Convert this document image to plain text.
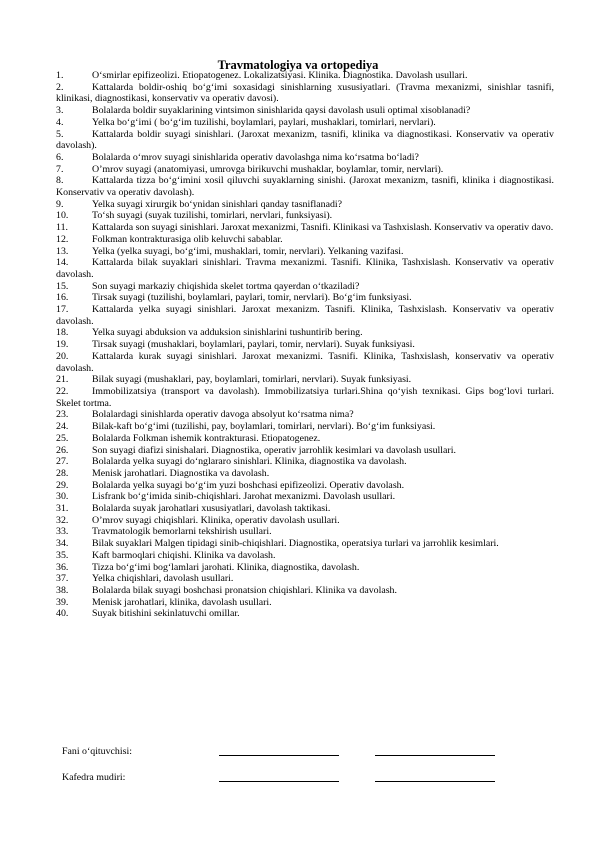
Travmatologiya va ortopediya
1.	O‘smirlar epifizeolizi. Etiopatogenez. Lokalizatsiyasi. Klinika. Diagnostika. Davolash usullari.
2.	Kattalarda boldir-oshiq bo‘g‘imi soxasidagi sinishlarning xususiyatlari. (Travma mexanizmi, sinishlar tasnifi, klinikasi, diagnostikasi, konservativ va operativ davosi).
3.	Bolalarda boldir suyaklarining vintsimon sinishlarida qaysi davolash usuli optimal xisoblanadi?
4.	Yelka bo‘g‘imi ( bo‘g‘im tuzilishi, boylamlari, paylari, mushaklari, tomirlari, nervlari).
5.	Kattalarda boldir suyagi sinishlari. (Jaroxat mexanizm, tasnifi, klinika va diagnostikasi. Konservativ va operativ davolash).
6.	Bolalarda o‘mrov suyagi sinishlarida operativ davolashga nima ko‘rsatma bo‘ladi?
7.	O’mrov suyagi (anatomiyasi, umrovga birikuvchi mushaklar, boylamlar, tomir, nervlari).
8.	Kattalarda tizza bo‘g‘imini xosil qiluvchi suyaklarning sinishi. (Jaroxat mexanizm, tasnifi, klinika i diagnostikasi. Konservativ va operativ davolash).
9.	Yelka suyagi xirurgik bo‘ynidan sinishlari qanday tasniflanadi?
10. To‘sh suyagi (suyak tuzilishi, tomirlari, nervlari, funksiyasi).
11. Kattalarda son suyagi sinishlari. Jaroxat mexanizmi, Tasnifi. Klinikasi va Tashxislash. Konservativ va operativ davo.
12. Folkman kontrakturasiga olib keluvchi sabablar.
13. Yelka (yelka suyagi, bo‘g‘imi, mushaklari, tomir, nervlari). Yelkaning vazifasi.
14. Kattalarda bilak suyaklari sinishlari. Travma mexanizmi. Tasnifi. Klinika, Tashxislash. Konservativ va operativ davolash.
15. Son suyagi markaziy chiqishida skelet tortma qayerdan o‘tkaziladi?
16. Tirsak suyagi (tuzilishi, boylamlari, paylari, tomir, nervlari). Bo‘g‘im funksiyasi.
17. Kattalarda yelka suyagi sinishlari. Jaroxat mexanizm. Tasnifi. Klinika, Tashxislash. Konservativ va operativ davolash.
18. Yelka suyagi abduksion va adduksion sinishlarini tushuntirib bering.
19. Tirsak suyagi (mushaklari, boylamlari, paylari, tomir, nervlari). Suyak funksiyasi.
20. Kattalarda kurak suyagi sinishlari. Jaroxat mexanizmi. Tasnifi. Klinika, Tashxislash, konservativ va operativ davolash.
21. Bilak suyagi (mushaklari, pay, boylamlari, tomirlari, nervlari). Suyak funksiyasi.
22. Immobilizatsiya (transport va davolash). Immobilizatsiya turlari.Shina qo‘yish texnikasi. Gips bog‘lovi turlari. Skelet tortma.
23. Bolalardagi sinishlarda operativ davoga absolyut ko‘rsatma nima?
24. Bilak-kaft bo‘g‘imi (tuzilishi, pay, boylamlari, tomirlari, nervlari). Bo‘g‘im funksiyasi.
25. Bolalarda Folkman ishemik kontrakturasi. Etiopatogenez.
26. Son suyagi diafizi sinishalari. Diagnostika, operativ jarrohlik kesimlari va davolash usullari.
27. Bolalarda yelka suyagi do‘nglararo sinishlari. Klinika, diagnostika va davolash.
28. Menisk jarohatlari. Diagnostika va davolash.
29. Bolalarda yelka suyagi bo‘g‘im yuzi boshchasi epifizeolizi. Operativ davolash.
30. Lisfrank bo‘g‘imida sinib-chiqishlari. Jarohat mexanizmi. Davolash usullari.
31. Bolalarda suyak jarohatlari xususiyatlari, davolash taktikasi.
32. O’mrov suyagi chiqishlari. Klinika, operativ davolash usullari.
33. Travmatologik bemorlarni tekshirish usullari.
34. Bilak suyaklari Malgen tipidagi sinib-chiqishlari. Diagnostika, operatsiya turlari va jarrohlik kesimlari.
35. Kaft barmoqlari chiqishi. Klinika va davolash.
36. Tizza bo‘g‘imi bog‘lamlari jarohati. Klinika, diagnostika, davolash.
37. Yelka chiqishlari, davolash usullari.
38. Bolalarda bilak suyagi boshchasi pronatsion chiqishlari. Klinika va davolash.
39. Menisk jarohatlari, klinika, davolash usullari.
40. Suyak bitishini sekinlatuvchi omillar.
Fani o‘qituvchisi:
Kafedra mudiri:
